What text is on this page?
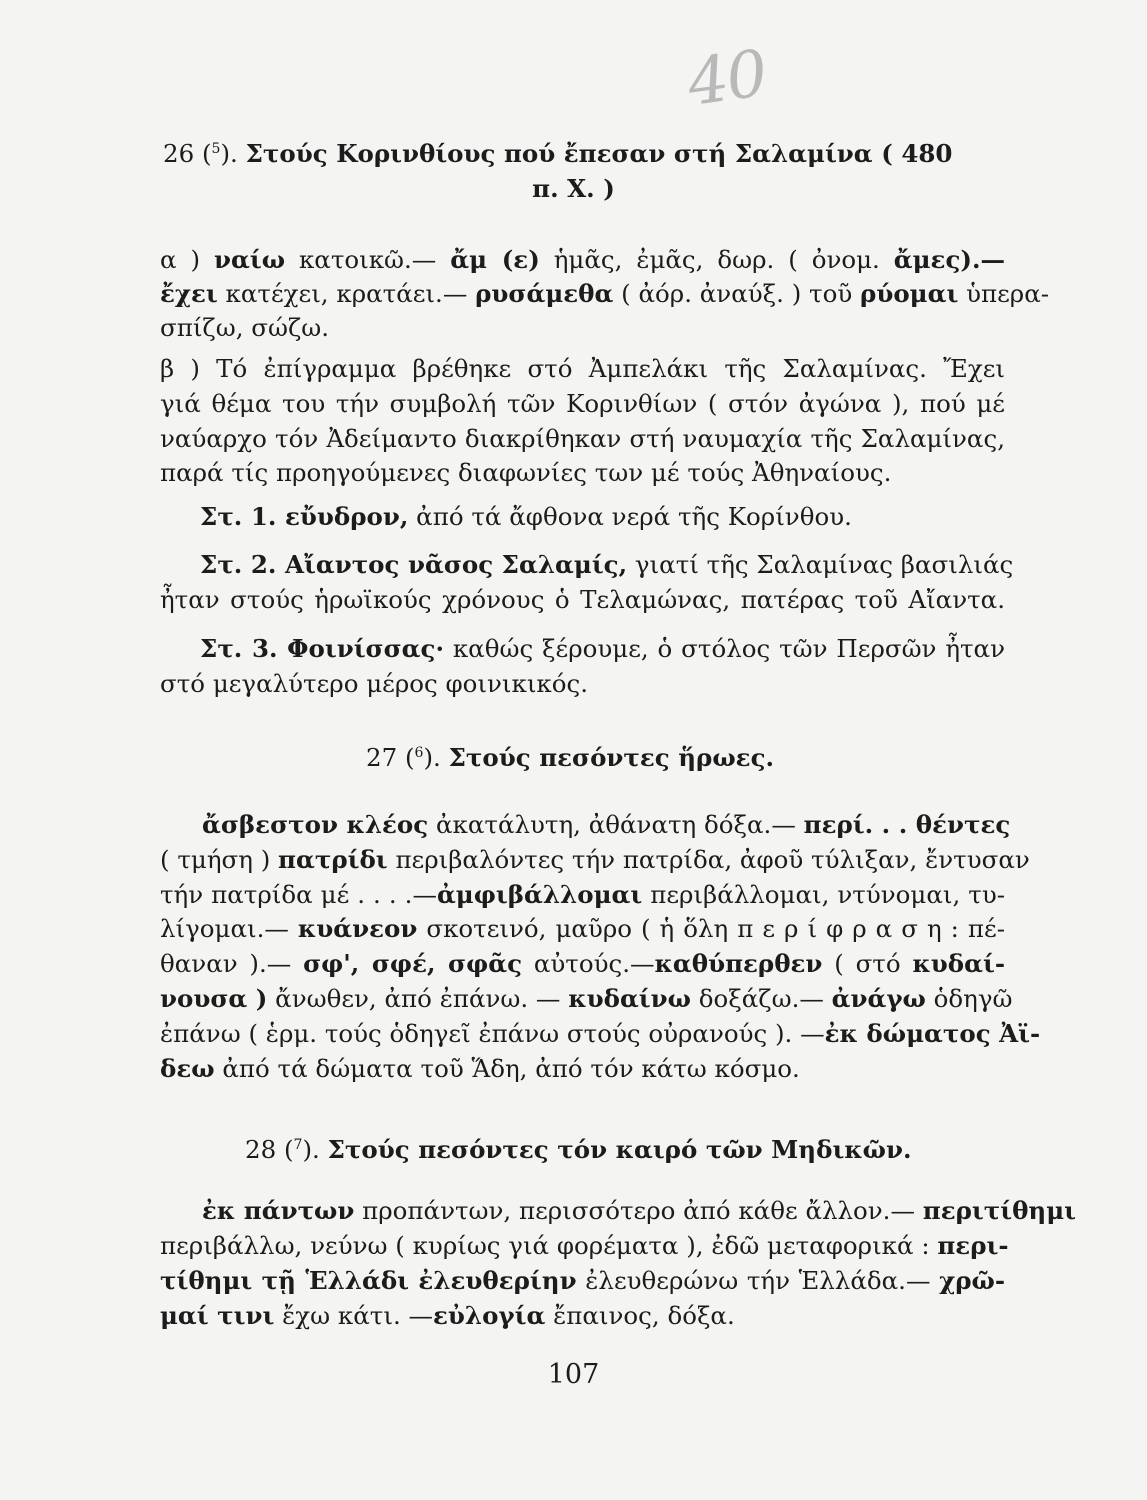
40
26 ($^5$). Στούς Κορινθίους πού ἔπεσαν στή Σαλαμίνα ( 480
π. Χ. )
α ) ναίω κατοικῶ.— ἄμ (ε) ἡμᾶς, ἐμᾶς, δωρ. ( ὀνομ. ἄμες).—
ἔχει κατέχει, κρατάει.— ρυσάμεθα ( ἀόρ. ἀναύξ. ) τοῦ ρύομαι ὑπερα-
σπίζω, σώζω.
β ) Τό ἐπίγραμμα βρέθηκε στό Ἀμπελάκι τῆς Σαλαμίνας. Ἔχει
γιά θέμα του τήν συμβολή τῶν Κορινθίων ( στόν ἀγώνα ), πού μέ
ναύαρχο τόν Ἀδείμαντο διακρίθηκαν στή ναυμαχία τῆς Σαλαμίνας,
παρά τίς προηγούμενες διαφωνίες των μέ τούς Ἀθηναίους.
Στ. 1. εὔυδρον, ἀπό τά ἄφθονα νερά τῆς Κορίνθου.
Στ. 2. Αἴαντος νᾶσος Σαλαμίς, γιατί τῆς Σαλαμίνας βασιλιάς
ἦταν στούς ἡρωϊκούς χρόνους ὁ Τελαμώνας, πατέρας τοῦ Αἴαντα.
Στ. 3. Φοινίσσας· καθώς ξέρουμε, ὁ στόλος τῶν Περσῶν ἦταν
στό μεγαλύτερο μέρος φοινικικός.
27 ($^6$). Στούς πεσόντες ἥρωες.
ἄσβεστον κλέος ἀκατάλυτη, ἀθάνατη δόξα.— περί. . . θέντες
( τμήση ) πατρίδι περιβαλόντες τήν πατρίδα, ἀφοῦ τύλιξαν, ἔντυσαν
τήν πατρίδα μέ . . . .—ἀμφιβάλλομαι περιβάλλομαι, ντύνομαι, τυ-
λίγομαι.— κυάνεον σκοτεινό, μαῦρο ( ἡ ὅλη π ε ρ ί φ ρ α σ η : πέ-
θαναν ).— σφ', σφέ, σφᾶς αὐτούς.—καθύπερθεν ( στό κυδαί-
νουσα ) ἄνωθεν, ἀπό ἐπάνω. — κυδαίνω δοξάζω.— ἀνάγω ὁδηγῶ
ἐπάνω ( ἑρμ. τούς ὁδηγεῖ ἐπάνω στούς οὐρανούς ). —ἐκ δώματος Ἀϊ-
δεω ἀπό τά δώματα τοῦ Ἅδη, ἀπό τόν κάτω κόσμο.
28 ($^7$). Στούς πεσόντες τόν καιρό τῶν Μηδικῶν.
ἐκ πάντων προπάντων, περισσότερο ἀπό κάθε ἄλλον.— περιτίθημι
περιβάλλω, νεύνω ( κυρίως γιά φορέματα ), ἐδῶ μεταφορικά : περι-
τίθημι τῇ Ἑλλάδι ἐλευθερίην ἐλευθερώνω τήν Ἑλλάδα.— χρῶ-
μαί τινι ἔχω κάτι. —εὐλογία ἔπαινος, δόξα.
107
